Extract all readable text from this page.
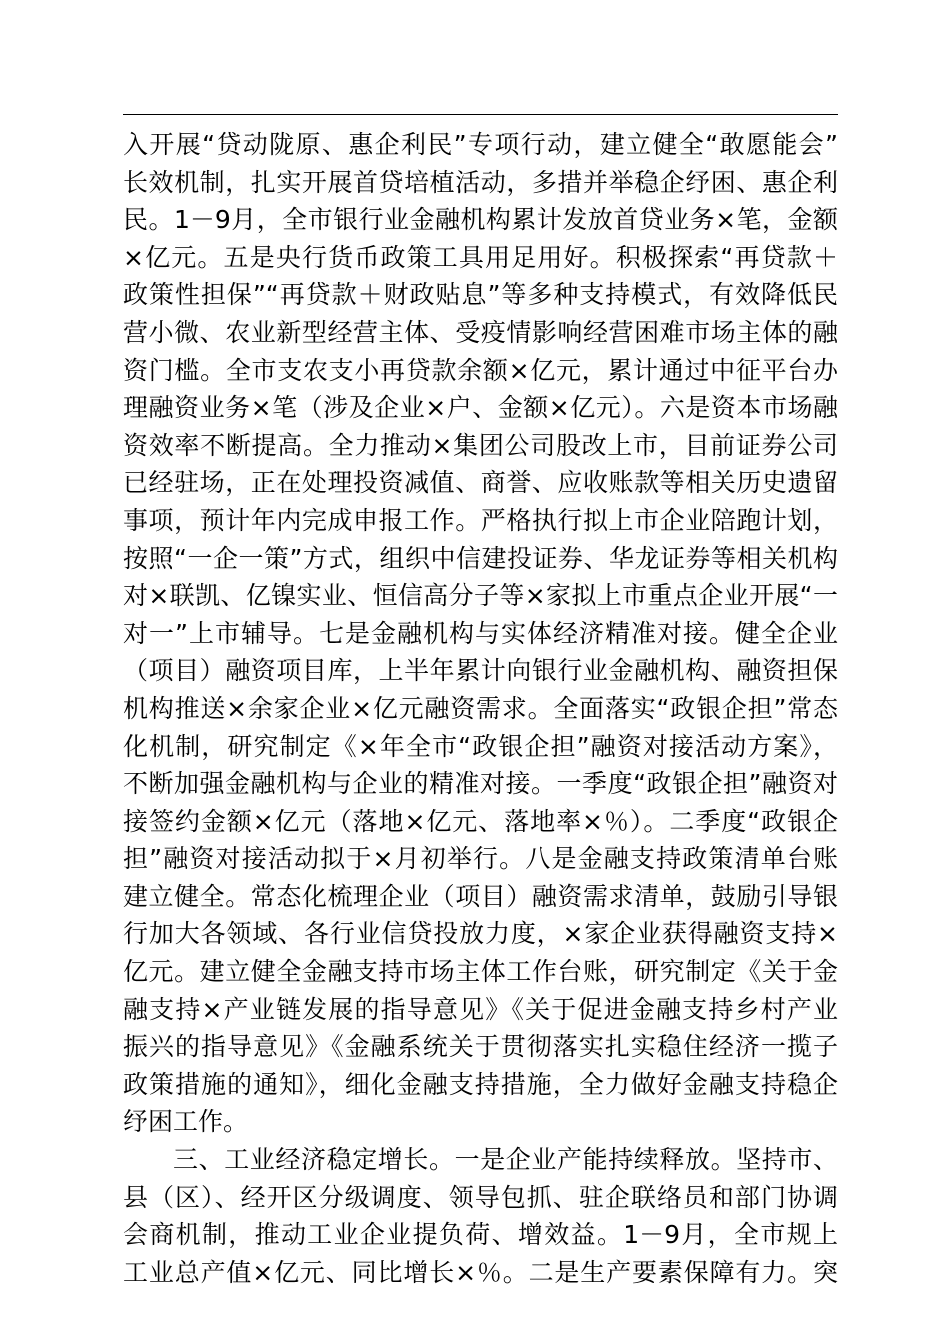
入开展“贷动陇原、惠企利民”专项行动，建立健全“敢愿能会”
长效机制，扎实开展首贷培植活动，多措并举稳企纾困、惠企利
民。1－9月，全市银行业金融机构累计发放首贷业务×笔，金额
×亿元。五是央行货币政策工具用足用好。积极探索“再贷款＋
政策性担保”“再贷款＋财政贴息”等多种支持模式，有效降低民
营小微、农业新型经营主体、受疫情影响经营困难市场主体的融
资门槛。全市支农支小再贷款余额×亿元，累计通过中征平台办
理融资业务×笔（涉及企业×户、金额×亿元）。六是资本市场融
资效率不断提高。全力推动×集团公司股改上市，目前证券公司
已经驻场，正在处理投资减值、商誉、应收账款等相关历史遗留
事项，预计年内完成申报工作。严格执行拟上市企业陪跑计划，
按照“一企一策”方式，组织中信建投证券、华龙证券等相关机构
对×联凯、亿镍实业、恒信高分子等×家拟上市重点企业开展“一
对一”上市辅导。七是金融机构与实体经济精准对接。健全企业
（项目）融资项目库，上半年累计向银行业金融机构、融资担保
机构推送×余家企业×亿元融资需求。全面落实“政银企担”常态
化机制，研究制定《×年全市“政银企担”融资对接活动方案》，
不断加强金融机构与企业的精准对接。一季度“政银企担”融资对
接签约金额×亿元（落地×亿元、落地率×％）。二季度“政银企
担”融资对接活动拟于×月初举行。八是金融支持政策清单台账
建立健全。常态化梳理企业（项目）融资需求清单，鼓励引导银
行加大各领域、各行业信贷投放力度，×家企业获得融资支持×
亿元。建立健全金融支持市场主体工作台账，研究制定《关于金
融支持×产业链发展的指导意见》《关于促进金融支持乡村产业
振兴的指导意见》《金融系统关于贯彻落实扎实稳住经济一揽子
政策措施的通知》，细化金融支持措施，全力做好金融支持稳企
纾困工作。
三、工业经济稳定增长。一是企业产能持续释放。坚持市、
县（区）、经开区分级调度、领导包抓、驻企联络员和部门协调
会商机制，推动工业企业提负荷、增效益。1－9月，全市规上
工业总产值×亿元、同比增长×％。二是生产要素保障有力。突
